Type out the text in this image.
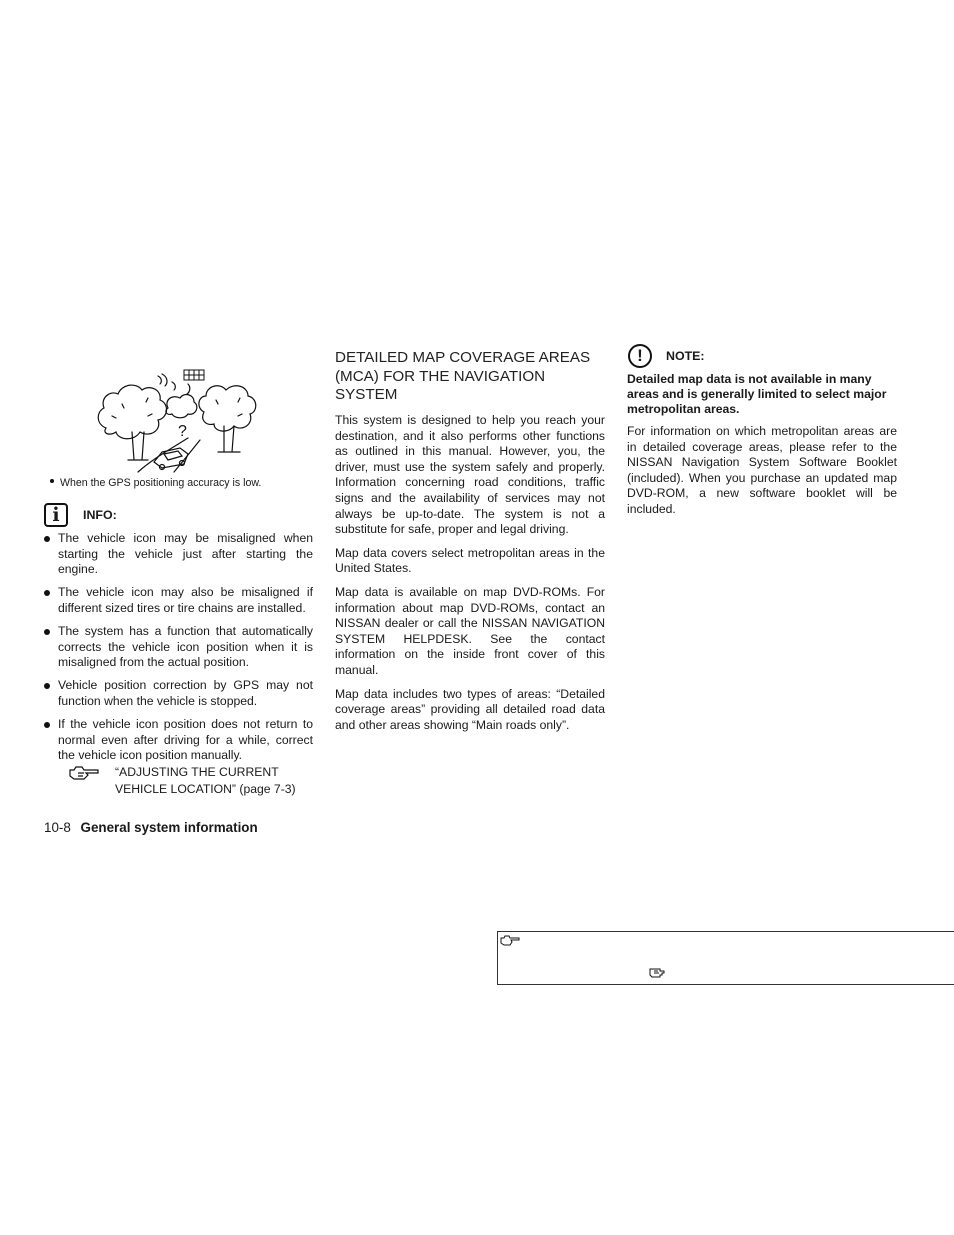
?
When the GPS positioning accuracy is low.
i	INFO:
The vehicle icon may be misaligned when starting the vehicle just after starting the engine.
The vehicle icon may also be misaligned if different sized tires or tire chains are installed.
The system has a function that automatically corrects the vehicle icon position when it is misaligned from the actual position.
Vehicle position correction by GPS may not function when the vehicle is stopped.
If the vehicle icon position does not return to normal even after driving for a while, correct the vehicle icon position manually.
“ADJUSTING THE CURRENT VEHICLE LOCATION” (page 7-3)
10-8 General system information
DETAILED MAP COVERAGE AREAS (MCA) FOR THE NAVIGATION SYSTEM

This system is designed to help you reach your destination, and it also performs other functions as outlined in this manual. However, you, the driver, must use the system safely and properly. Information concerning road conditions, traffic signs and the availability of services may not always be up-to-date. The system is not a substitute for safe, proper and legal driving.

Map data covers select metropolitan areas in the United States.

Map data is available on map DVD-ROMs. For information about map DVD-ROMs, contact an NISSAN dealer or call the NISSAN NAVIGATION SYSTEM HELPDESK. See the contact information on the inside front cover of this manual.

Map data includes two types of areas: “Detailed coverage areas” providing all detailed road data and other areas showing “Main roads only”.

!	NOTE:
Detailed map data is not available in many areas and is generally limited to select major metropolitan areas.
For information on which metropolitan areas are in detailed coverage areas, please refer to the NISSAN Navigation System Software Booklet (included). When you purchase an updated map DVD-ROM, a new software booklet will be included.
